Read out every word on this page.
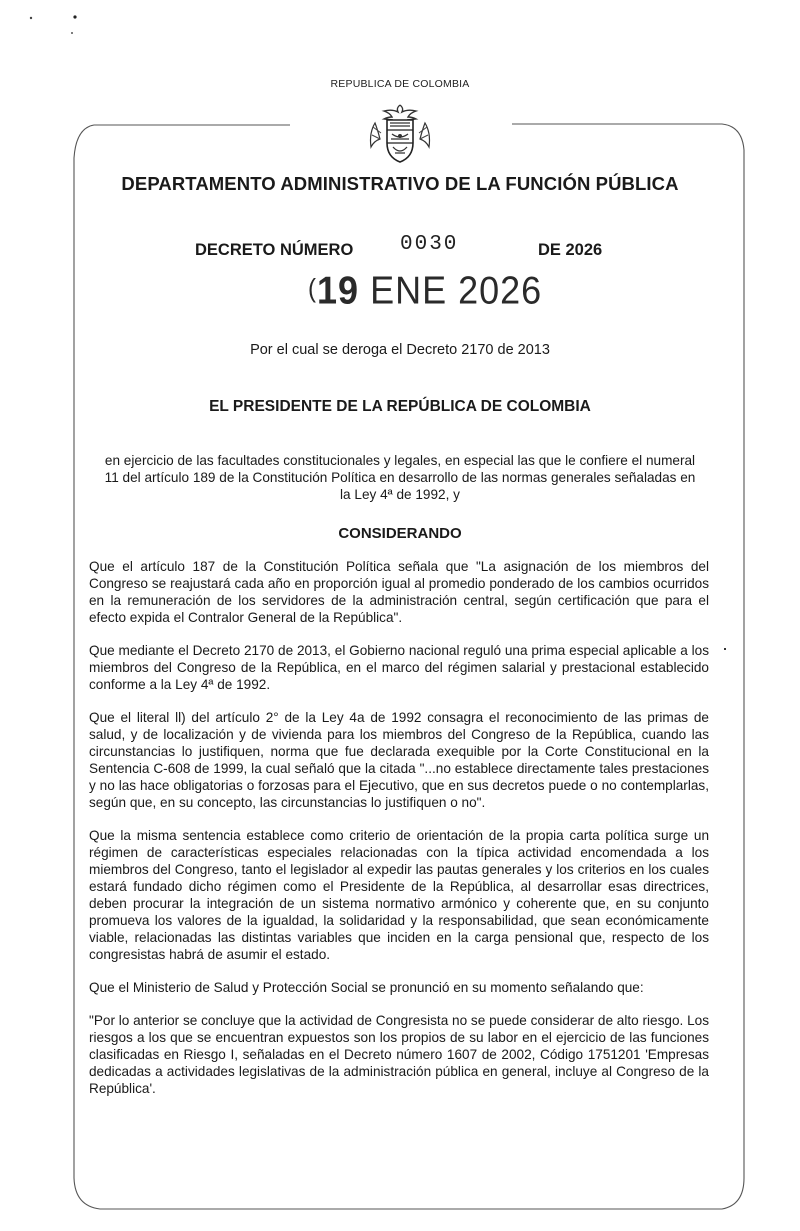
REPUBLICA DE COLOMBIA
DEPARTAMENTO ADMINISTRATIVO DE LA FUNCIÓN PÚBLICA
DECRETO NÚMERO 0030	DE 2026
(19 ENE 2026
Por el cual se deroga el Decreto 2170 de 2013
EL PRESIDENTE DE LA REPÚBLICA DE COLOMBIA
en ejercicio de las facultades constitucionales y legales, en especial las que le confiere el numeral 11 del artículo 189 de la Constitución Política en desarrollo de las normas generales señaladas en la Ley 4ª de 1992, y
CONSIDERANDO

Que el artículo 187 de la Constitución Política señala que "La asignación de los miembros del Congreso se reajustará cada año en proporción igual al promedio ponderado de los cambios ocurridos en la remuneración de los servidores de la administración central, según certificación que para el efecto expida el Contralor General de la República".

Que mediante el Decreto 2170 de 2013, el Gobierno nacional reguló una prima especial aplicable a los miembros del Congreso de la República, en el marco del régimen salarial y prestacional establecido conforme a la Ley 4ª de 1992.

Que el literal ll) del artículo 2° de la Ley 4a de 1992 consagra el reconocimiento de las primas de salud, y de localización y de vivienda para los miembros del Congreso de la República, cuando las circunstancias lo justifiquen, norma que fue declarada exequible por la Corte Constitucional en la Sentencia C-608 de 1999, la cual señaló que la citada "...no establece directamente tales prestaciones y no las hace obligatorias o forzosas para el Ejecutivo, que en sus decretos puede o no contemplarlas, según que, en su concepto, las circunstancias lo justifiquen o no".

Que la misma sentencia establece como criterio de orientación de la propia carta política surge un régimen de características especiales relacionadas con la típica actividad encomendada a los miembros del Congreso, tanto el legislador al expedir las pautas generales y los criterios en los cuales estará fundado dicho régimen como el Presidente de la República, al desarrollar esas directrices, deben procurar la integración de un sistema normativo armónico y coherente que, en su conjunto promueva los valores de la igualdad, la solidaridad y la responsabilidad, que sean económicamente viable, relacionadas las distintas variables que inciden en la carga pensional que, respecto de los congresistas habrá de asumir el estado.

Que el Ministerio de Salud y Protección Social se pronunció en su momento señalando que:

"Por lo anterior se concluye que la actividad de Congresista no se puede considerar de alto riesgo. Los riesgos a los que se encuentran expuestos son los propios de su labor en el ejercicio de las funciones clasificadas en Riesgo I, señaladas en el Decreto número 1607 de 2002, Código 1751201 'Empresas dedicadas a actividades legislativas de la administración pública en general, incluye al Congreso de la República'.
